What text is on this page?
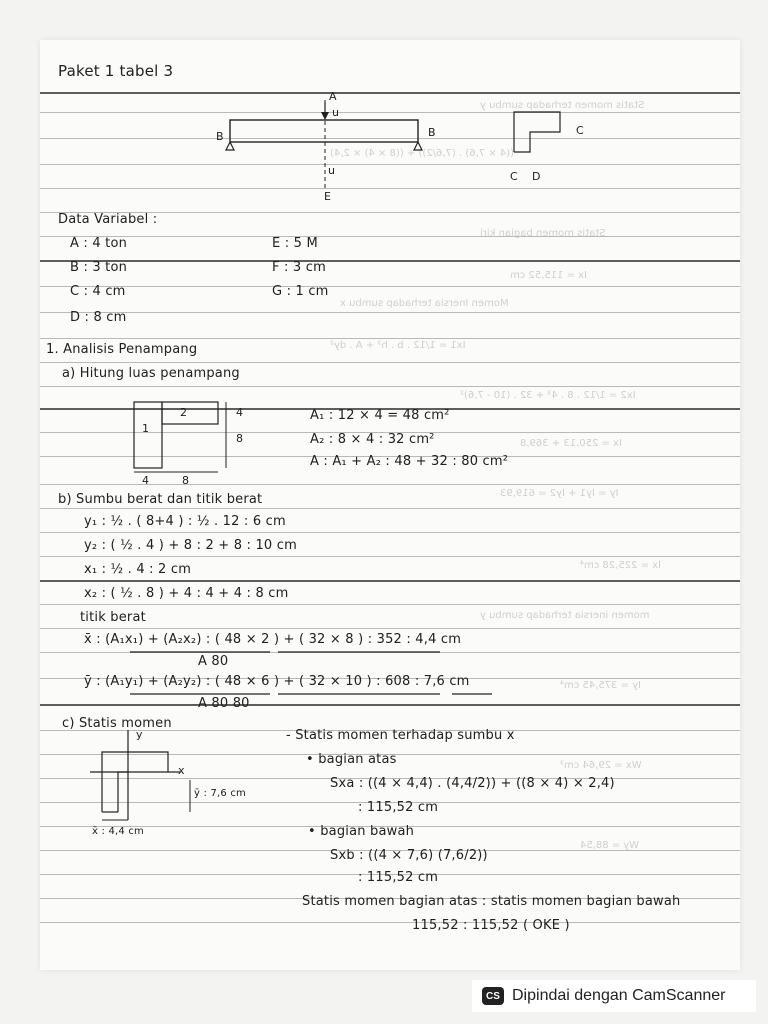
Statis momen terhadap sumbu y
((4 × 7,6) . (7,6/2)) + ((8 × 4) × 2,4)
Statis momen bagian kiri
Ix = 115,52 cm
Momen Inersia terhadap sumbu x
Ix1 = 1/12 . b . h³ + A . dy²
Ix2 = 1/12 . 8 . 4³ + 32 . (10 - 7,6)²
Ix = 250,13 + 369,8
Iy = Iy1 + Iy2 = 619,93
Ix = 225,28 cm⁴
momen inersia terhadap sumbu y
Iy = 375,45 cm⁴
Wx = 29,64 cm³
Wy = 88,54
Paket 1 tabel 3
A
u
B	B
u
E
C
C D
Data Variabel :
A : 4 ton	E : 5 M
B : 3 ton	F : 3 cm
C : 4 cm	G : 1 cm
D : 8 cm
1. Analisis Penampang
a) Hitung luas penampang
1
2	4
8
4	8
A₁ : 12 × 4 = 48 cm²
A₂ : 8 × 4 : 32 cm²
A : A₁ + A₂ : 48 + 32 : 80 cm²
b) Sumbu berat dan titik berat
y₁ : ½ . ( 8+4 ) : ½ . 12 : 6 cm
y₂ : ( ½ . 4 ) + 8 : 2 + 8 : 10 cm
x₁ : ½ . 4 : 2 cm
x₂ : ( ½ . 8 ) + 4 : 4 + 4 : 8 cm
titik berat
x̄ : (A₁x₁) + (A₂x₂) : ( 48 × 2 ) + ( 32 × 8 ) : 352 : 4,4 cm
A 80
ȳ : (A₁y₁) + (A₂y₂) : ( 48 × 6 ) + ( 32 × 10 ) : 608 : 7,6 cm
A 80 80
c) Statis momen
y
x
ȳ : 7,6 cm
x̄ : 4,4 cm
- Statis momen terhadap sumbu x
• bagian atas
Sxa : ((4 × 4,4) . (4,4/2)) + ((8 × 4) × 2,4)
: 115,52 cm
• bagian bawah
Sxb : ((4 × 7,6) (7,6/2))
: 115,52 cm
Statis momen bagian atas : statis momen bagian bawah
115,52 : 115,52 ( OKE )
CS Dipindai dengan CamScanner
